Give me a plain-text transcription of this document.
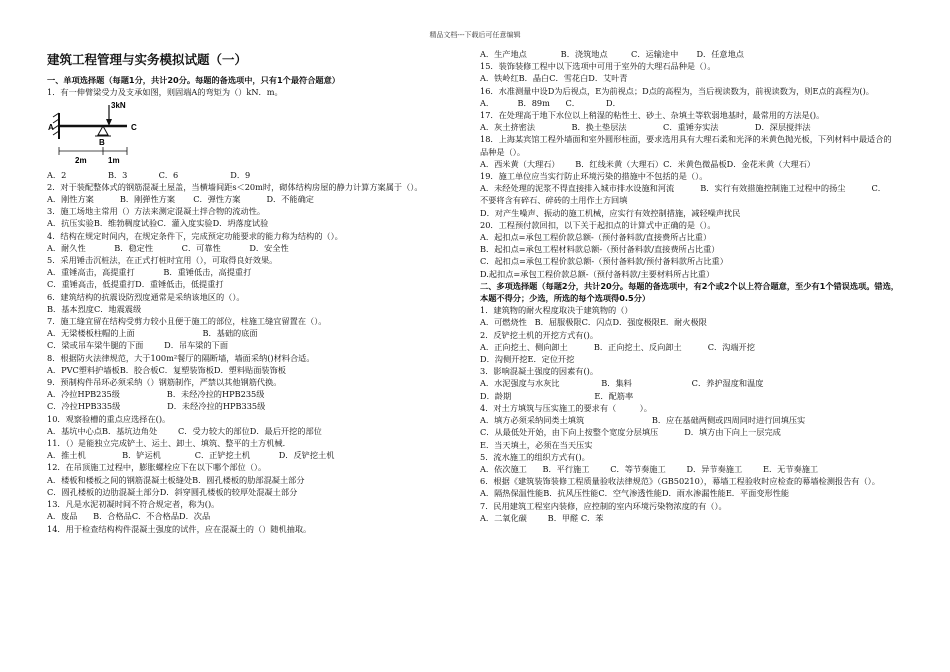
精品文档---下载后可任意编辑
建筑工程管理与实务模拟试题（一）
一、单项选择题（每题1分，共计20分。每题的备选项中，只有1个最符合题意）
1．有一伸臂梁受力及支承如图，则固端A的弯矩为（）kN．m。
3kN
A
B
C
2m	1m
A．2                B．3            C．6                    D．9
2．对于装配整体式的钢筋混凝土屋盖，当横墙间距s＜20m时，砌体结构房屋的静力计算方案属于（）。
A．刚性方案          B．刚弹性方案       C．弹性方案          D．不能确定
3．施工场地主常用（）方法来测定混凝土拌合物的流动性。
A．抗压实验B．维勃稠度试验C．灌入度实验D．坍落度试验
4．结构在规定时间内，在规定条件下，完成预定功能要求的能力称为结构的（）。
A．耐久性           B．稳定性           C．可靠性           D．安全性
5．采用锤击沉桩法，在正式打桩时宜用（），可取得良好效果。
A．重锤高击，高提重打           B．重锤低击，高提重打
C．重锤高击，低提重打D．重锤低击，低提重打
6．建筑结构的抗震设防烈度通常是采纳该地区的（）。
B．基本烈度C．地震震级
7．施工缝宜留在结构受剪力较小且便于施工的部位，柱施工缝宜留置在（）。
A．无梁楼板柱帽的上面                          B．基础的底面
C．梁或吊车梁牛腿的下面        D．吊车梁的下面
8．根据防火法律规范，大于100m²餐厅的隔断墙，墙面采纳()材料合适。
A．PVC塑料护墙板B．胶合板C．复塑装饰板D．塑料贴面装饰板
9．预制构件吊环必须采纳（）钢筋制作，严禁以其他钢筋代换。
A．冷拉HPB235级                  B．未经冷拉的HPB235级
C．冷拉HPB335级                  D．未经冷拉的HPB335级
10．观察验槽的重点应选择在()。
A．基坑中心点B．基坑边角处        C．受力较大的部位D．最后开挖的部位
11．（）是能独立完成铲土、运土、卸土、填筑、整平的土方机械．
A．推土机              B．铲运机             C．正铲挖土机           D．反铲挖土机
12．在吊顶施工过程中，膨胀螺栓应下在以下哪个部位（）。
A．楼板和楼板之间的钢筋混凝土板缝处B．圆孔楼板的肋部混凝土部分
C．圆孔楼板的边肋混凝土部分D．斜穿圆孔楼板的较厚处混凝土部分
13．凡是水泥初凝时间不符合规定者，称为()。
A．废品      B．合格品C．不合格品D．次品
14．用于检查结构构件混凝土强度的试件，应在混凝土的（）随机抽取。
A．生产地点             B．浇筑地点         C．运输途中       D．任意地点
15．装饰装修工程中以下选项中可用于室外的大理石品种是（）。
A．铁岭红B．晶白C．雪花白D．艾叶青
16．水准测量中设D为后视点，E为前视点；D点的高程为，当后视读数为，前视读数为，则E点的高程为()。
A．         B．89m      C．          D．
17．在处理高于地下水位以上稍湿的粘性土、砂土、杂填土等软弱地基时，最常用的方法是()。
A．灰土挤密法              B．换土垫层法              C．重锤夯实法              D．深层搅拌法
18．上海某宾馆工程外墙面和室外圆形柱面，要求选用具有大理石柔和光泽的米黄色抛光板，下列材料中最适合的
品种是（）。
A．西米黄（大理石）      B．红线米黄（大理石）C．米黄色微晶板D．金花米黄（大理石）
19．施工单位应当实行防止环境污染的措施中不包括的是（）。
A．未经处理的泥浆不得直接排入城市排水设施和河流          B．实行有效措施控制施工过程中的扬尘          C．
不要将含有碎石、碎砖的土用作土方回填
D．对产生噪声、振动的施工机械，应实行有效控制措施，减轻噪声扰民
20．工程预付款回扣，以下关于起扣点的计算式中正确的是（）。
A．起扣点=承包工程价款总额-（预付备料款/直接费所占比重）
B．起扣点=承包工程材料款总额-（预付备料款/直接费所占比重）
C．起扣点=承包工程价款总额-（预付备料款/预付备料款所占比重）
D.起扣点=承包工程价款总额-（预付备料款/主要材料所占比重）
二、多项选择题（每题2分，共计20分。每题的备选项中，有2个或2个以上符合题意，至少有1个错误选项。错选，本题不得分；少选，所选的每个选项得0.5分）
1．建筑物的耐火程度取决于建筑物的（）
A．可燃烧性   B．屈服极限C．闪点D．强度极限E．耐火极限
2．反铲挖土机的开挖方式有()。
A．正向挖土、侧向卸土          B．正向挖土、反向卸土          C．沟端开挖
D．沟侧开挖E．定位开挖
3．影响混凝土强度的因素有()。
A．水泥强度与水灰比                B．集料                       C．养护湿度和温度
D．龄期                                E．配筋率
4．对土方填筑与压实施工的要求有（         ）。
A．填方必须采纳同类土填筑                          B．应在基础两侧或四周同时进行回填压实
C．从最低处开始，由下向上按整个宽度分层填压          D．填方由下向上一层完成
E．当天填土，必须在当天压实
5．流水施工的组织方式有()。
A．依次施工      B．平行施工        C．等节奏施工        D．异节奏施工        E．无节奏施工
6．根据《建筑装饰装修工程质量验收法律规范》（GB50210），幕墙工程验收时应检查的幕墙检测报告有（）。
A．隔热保温性能B．抗风压性能C．空气渗透性能D．雨水渗漏性能E．平面变形性能
7．民用建筑工程室内装修，应控制的室内环境污染物浓度的有（）。
A．二氧化碳        B．甲醛 C．苯
